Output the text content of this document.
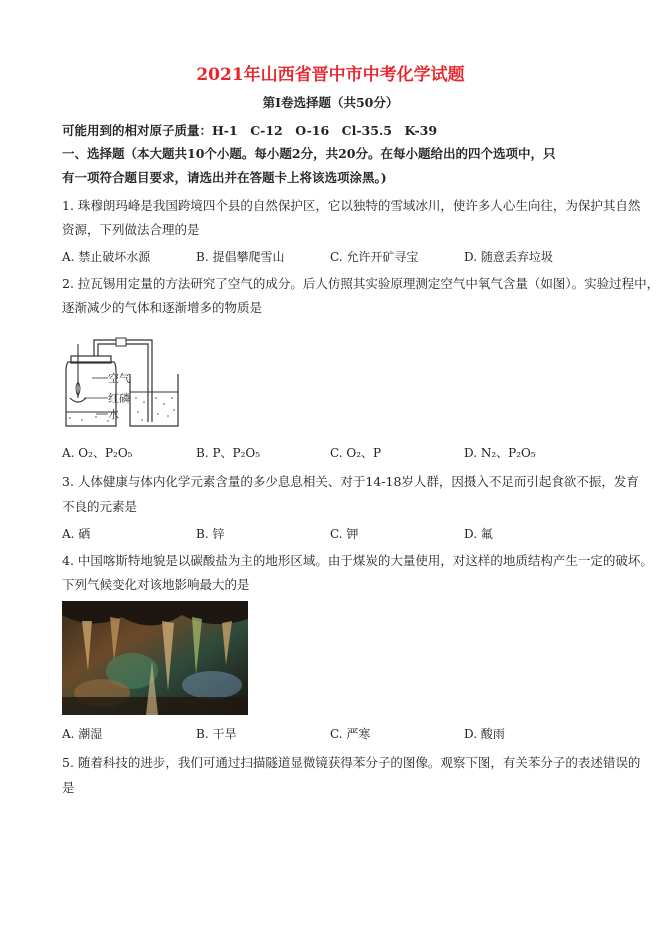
2021年山西省晋中市中考化学试题
第Ⅰ卷选择题（共50分）
可能用到的相对原子质量：H-1　C-12　O-16　Cl-35.5　K-39
一、选择题（本大题共10个小题。每小题2分，共20分。在每小题给出的四个选项中，只
有一项符合题目要求，请选出并在答题卡上将该选项涂黑。)
1. 珠穆朗玛峰是我国跨境四个县的自然保护区，它以独特的雪域冰川，使许多人心生向往，为保护其自然
资源，下列做法合理的是
A. 禁止破坏水源	B. 提倡攀爬雪山	C. 允许开矿寻宝	D. 随意丢弃垃圾
2. 拉瓦锡用定量的方法研究了空气的成分。后人仿照其实验原理测定空气中氧气含量（如图）。实验过程中，
逐渐减少的气体和逐渐增多的物质是
空气
红磷
水
A. O₂、P₂O₅	B. P、P₂O₅	C. O₂、P	D. N₂、P₂O₅
3. 人体健康与体内化学元素含量的多少息息相关、对于14-18岁人群，因摄入不足而引起食欲不振，发育
不良的元素是
A. 硒	B. 锌	C. 钾	D. 氟
4. 中国喀斯特地貌是以碳酸盐为主的地形区域。由于煤炭的大量使用，对这样的地质结构产生一定的破坏。
下列气候变化对该地影响最大的是
A. 潮湿	B. 干旱	C. 严寒	D. 酸雨
5. 随着科技的进步，我们可通过扫描隧道显微镜获得苯分子的图像。观察下图，有关苯分子的表述错误的
是
